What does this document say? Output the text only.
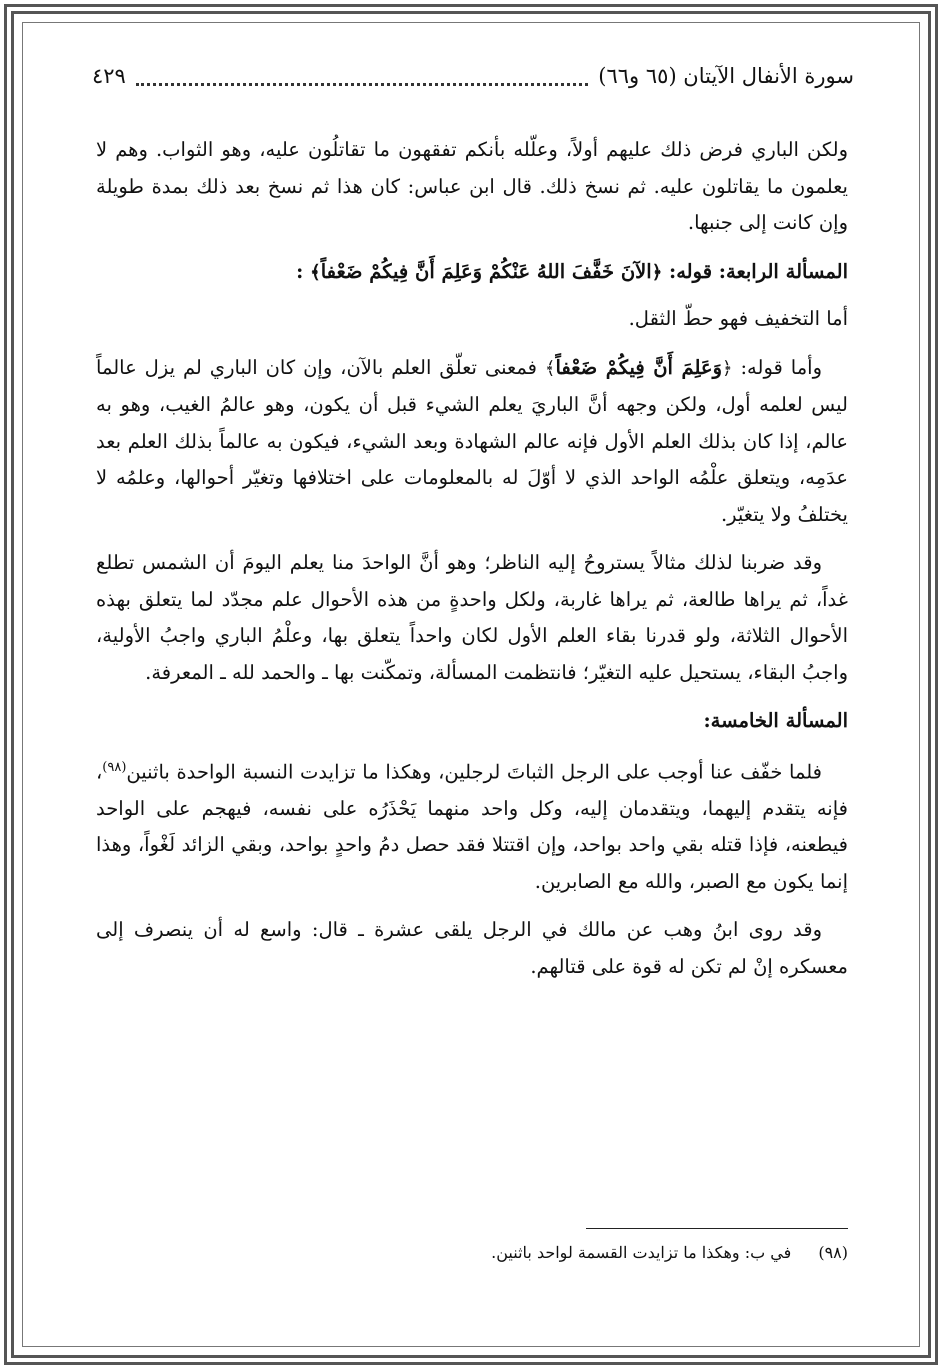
سورة الأنفال الآيتان (٦٥ و٦٦)
٤٢٩

ولكن الباري فرض ذلك عليهم أولاً، وعلّله بأنكم تفقهون ما تقاتلُون عليه، وهو الثواب. وهم لا يعلمون ما يقاتلون عليه. ثم نسخ ذلك. قال ابن عباس: كان هذا ثم نسخ بعد ذلك بمدة طويلة وإن كانت إلى جنبها.

المسألة الرابعة: قوله: ﴿الآنَ خَفَّفَ اللهُ عَنْكُمْ وَعَلِمَ أَنَّ فِيكُمْ ضَعْفاً﴾ :

أما التخفيف فهو حطّ الثقل.

وأما قوله: ﴿وَعَلِمَ أَنَّ فِيكُمْ ضَعْفاً﴾ فمعنى تعلّق العلم بالآن، وإن كان الباري لم يزل عالماً ليس لعلمه أول، ولكن وجهه أنَّ الباريَ يعلم الشيء قبل أن يكون، وهو عالمُ الغيب، وهو به عالم، إذا كان بذلك العلم الأول فإنه عالم الشهادة وبعد الشيء، فيكون به عالماً بذلك العلم بعد عدَمِه، ويتعلق علْمُه الواحد الذي لا أوّلَ له بالمعلومات على اختلافها وتغيّر أحوالها، وعلمُه لا يختلفُ ولا يتغيّر.

وقد ضربنا لذلك مثالاً يستروحُ إليه الناظر؛ وهو أنَّ الواحدَ منا يعلم اليومَ أن الشمس تطلع غداً، ثم يراها طالعة، ثم يراها غاربة، ولكل واحدةٍ من هذه الأحوال علم مجدّد لما يتعلق بهذه الأحوال الثلاثة، ولو قدرنا بقاء العلم الأول لكان واحداً يتعلق بها، وعلْمُ الباري واجبُ الأولية، واجبُ البقاء، يستحيل عليه التغيّر؛ فانتظمت المسألة، وتمكّنت بها ـ والحمد لله ـ المعرفة.

المسألة الخامسة:

فلما خفّف عنا أوجب على الرجل الثباتَ لرجلين، وهكذا ما تزايدت النسبة الواحدة باثنين$^{(٩٨)}$، فإنه يتقدم إليهما، ويتقدمان إليه، وكل واحد منهما يَحْذَرُه على نفسه، فيهجم على الواحد فيطعنه، فإذا قتله بقي واحد بواحد، وإن اقتتلا فقد حصل دمُ واحدٍ بواحد، وبقي الزائد لَغْواً، وهذا إنما يكون مع الصبر، والله مع الصابرين.

وقد روى ابنُ وهب عن مالك في الرجل يلقى عشرة ـ قال: واسع له أن ينصرف إلى معسكره إنْ لم تكن له قوة على قتالهم.

(٩٨) في ب: وهكذا ما تزايدت القسمة لواحد باثنين.
